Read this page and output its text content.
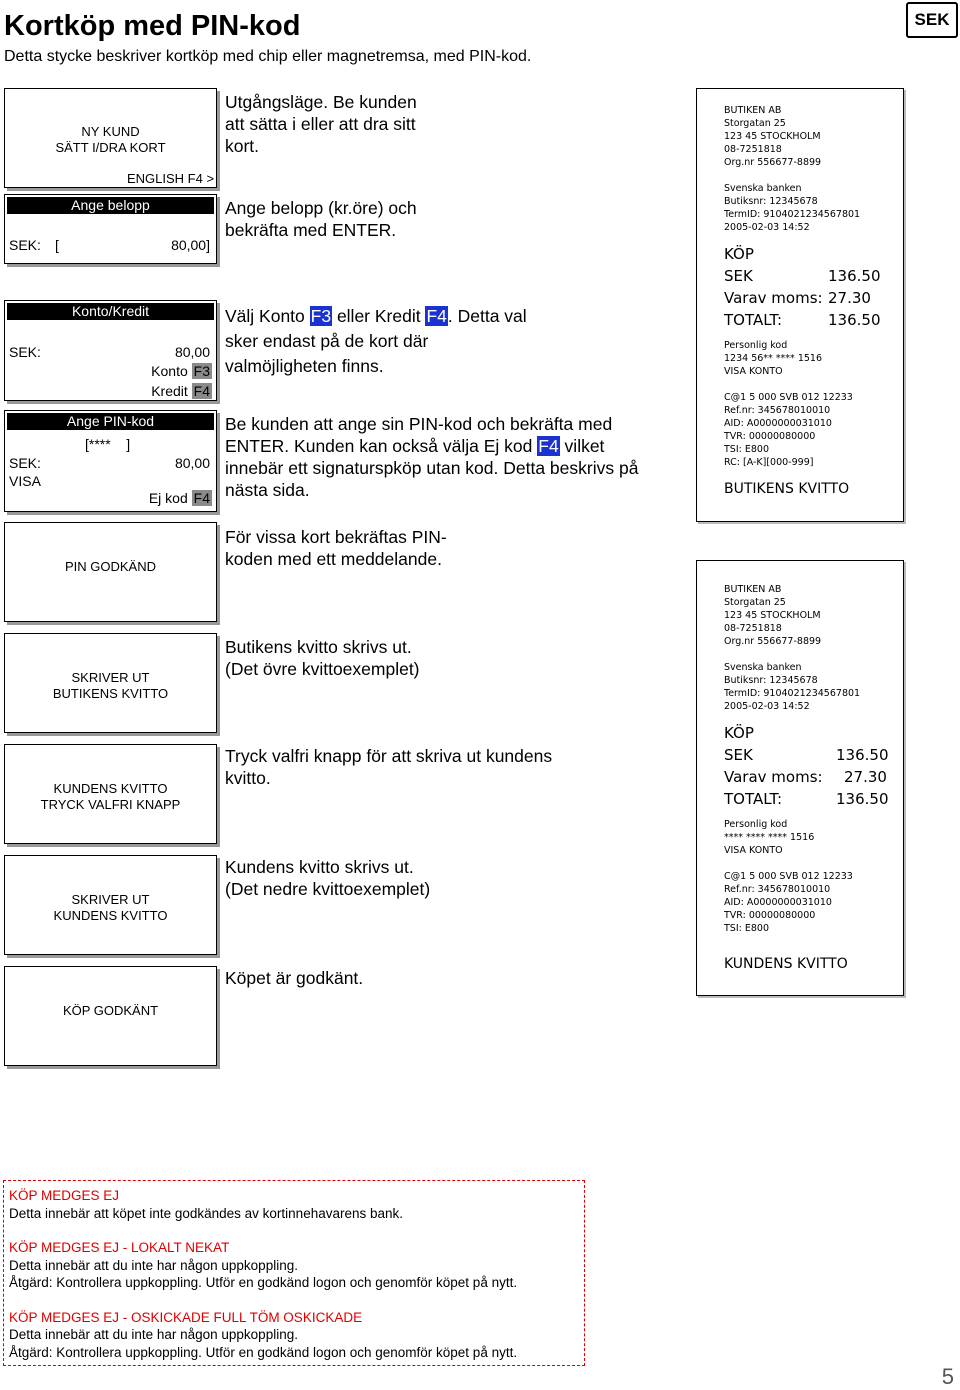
Kortköp med PIN-kod
Detta stycke beskriver kortköp med chip eller magnetremsa, med PIN-kod.
SEK
NY KUND
SÄTT I/DRA KORT
ENGLISH F4 >
Ange belopp
SEK: [	80,00]
Konto/Kredit
SEK:	80,00
Konto F3
Kredit F4
Ange PIN-kod
[****    ]
SEK:	80,00
VISA
Ej kod F4
PIN GODKÄND
SKRIVER UT
BUTIKENS KVITTO
KUNDENS KVITTO
TRYCK VALFRI KNAPP
SKRIVER UT
KUNDENS KVITTO
KÖP GODKÄNT
Utgångsläge. Be kunden
att sätta i eller att dra sitt
kort.
Ange belopp (kr.öre) och
bekräfta med ENTER.
Välj Konto F3 eller Kredit F4. Detta val
sker endast på de kort där
valmöjligheten finns.
Be kunden att ange sin PIN-kod och bekräfta med
ENTER. Kunden kan också välja Ej kod F4 vilket
innebär ett signaturspköp utan kod. Detta beskrivs på
nästa sida.
För vissa kort bekräftas PIN-
koden med ett meddelande.
Butikens kvitto skrivs ut.
(Det övre kvittoexemplet)
Tryck valfri knapp för att skriva ut kundens
kvitto.
Kundens kvitto skrivs ut.
(Det nedre kvittoexemplet)
Köpet är godkänt.
BUTIKEN AB
Storgatan 25
123 45 STOCKHOLM
08-7251818
Org.nr 556677-8899
Svenska banken
Butiksnr: 12345678
TermID: 9104021234567801
2005-02-03 14:52
KÖP
SEK	136.50
Varav moms: 27.30
TOTALT:	136.50
Personlig kod
1234 56** **** 1516
VISA KONTO
C@1 5 000 SVB 012 12233
Ref.nr: 345678010010
AID: A0000000031010
TVR: 00000080000
TSI: E800
RC: [A-K][000-999]
BUTIKENS KVITTO
BUTIKEN AB
Storgatan 25
123 45 STOCKHOLM
08-7251818
Org.nr 556677-8899
Svenska banken
Butiksnr: 12345678
TermID: 9104021234567801
2005-02-03 14:52
KÖP
SEK	136.50
Varav moms:	27.30
TOTALT:	136.50
Personlig kod
**** **** **** 1516
VISA KONTO
C@1 5 000 SVB 012 12233
Ref.nr: 345678010010
AID: A0000000031010
TVR: 00000080000
TSI: E800
KUNDENS KVITTO
KÖP MEDGES EJ
Detta innebär att köpet inte godkändes av kortinnehavarens bank.
KÖP MEDGES EJ - LOKALT NEKAT
Detta innebär att du inte har någon uppkoppling.
Åtgärd: Kontrollera uppkoppling. Utför en godkänd logon och genomför köpet på nytt.
KÖP MEDGES EJ - OSKICKADE FULL TÖM OSKICKADE
Detta innebär att du inte har någon uppkoppling.
Åtgärd: Kontrollera uppkoppling. Utför en godkänd logon och genomför köpet på nytt.
5
